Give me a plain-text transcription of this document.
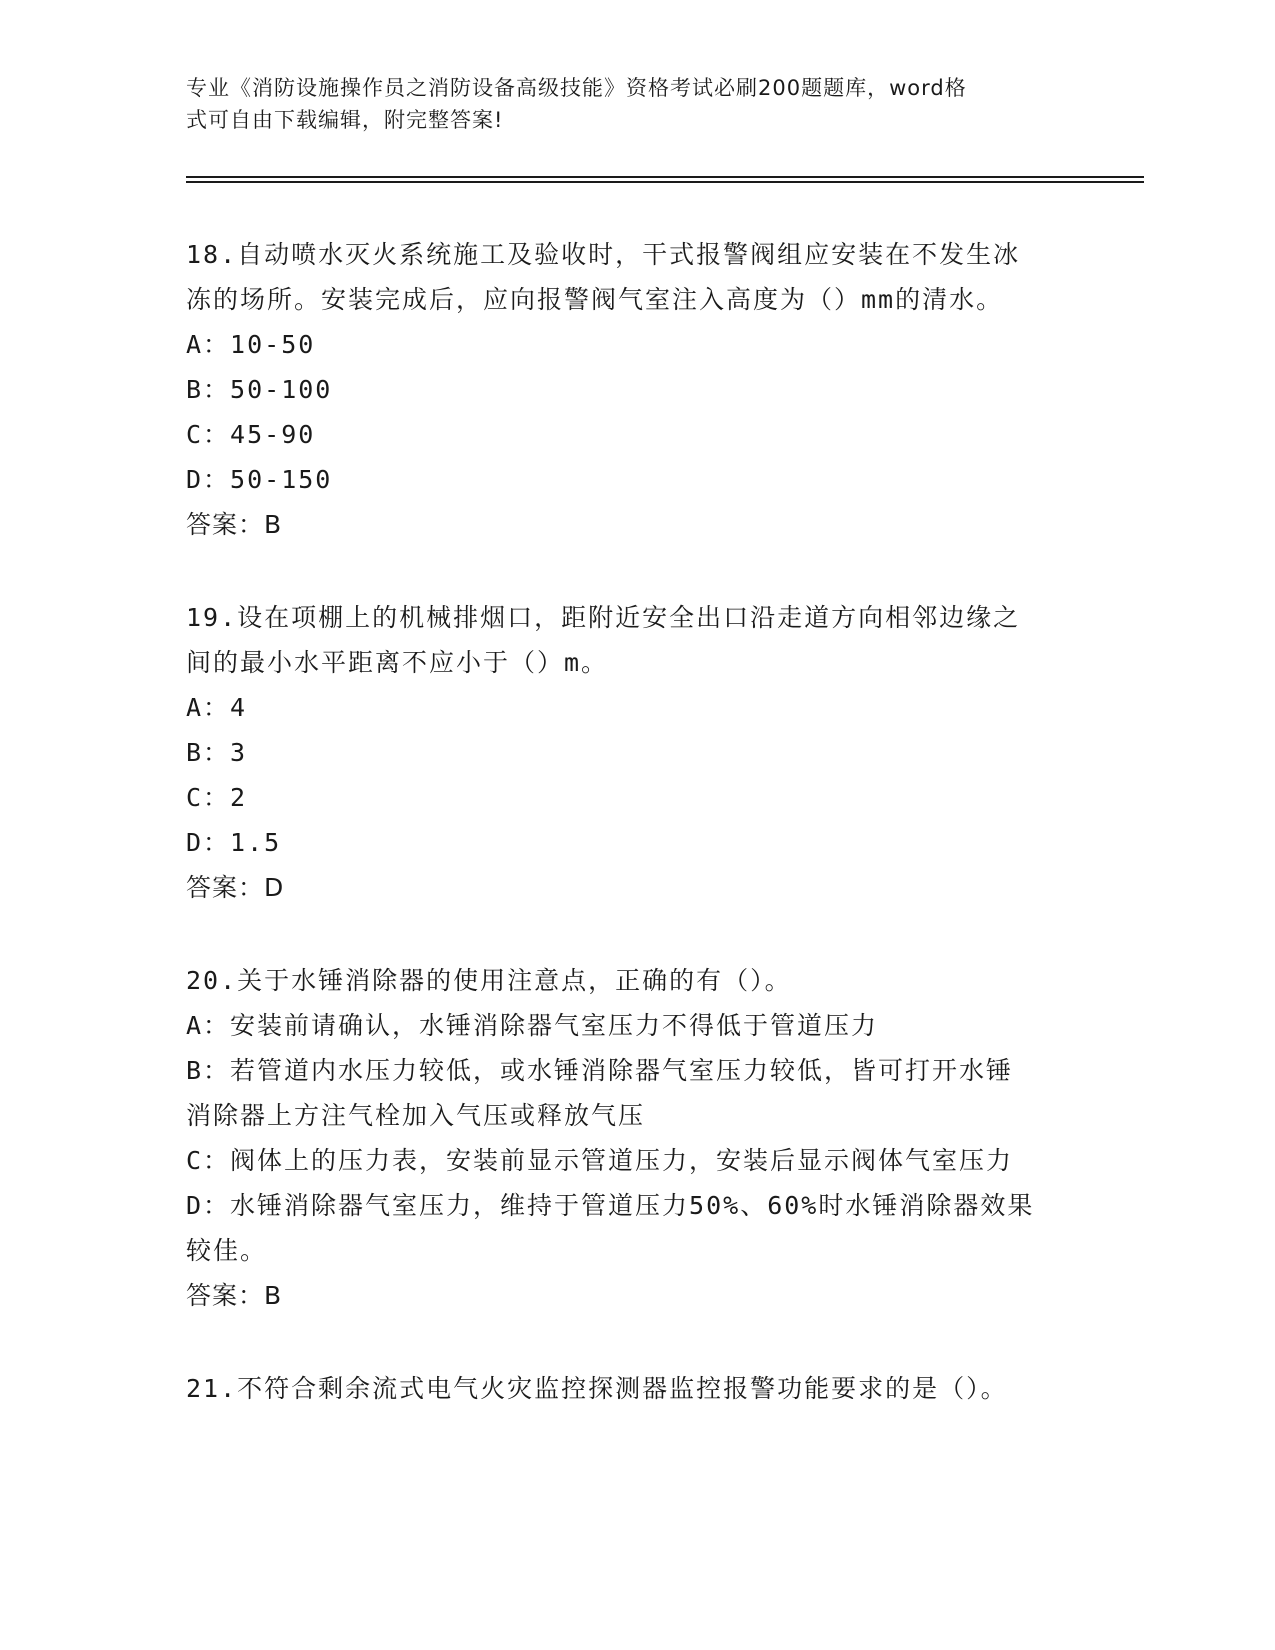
专业《消防设施操作员之消防设备高级技能》资格考试必刷200题题库，word格
式可自由下载编辑，附完整答案!
18.自动喷水灭火系统施工及验收时，干式报警阀组应安装在不发生冰
冻的场所。安装完成后，应向报警阀气室注入高度为（）mm的清水。
A：10-50
B：50-100
C：45-90
D：50-150
答案：B
19.设在项棚上的机械排烟口，距附近安全出口沿走道方向相邻边缘之
间的最小水平距离不应小于（）m。
A：4
B：3
C：2
D：1.5
答案：D
20.关于水锤消除器的使用注意点，正确的有（）。
A：安装前请确认，水锤消除器气室压力不得低于管道压力
B：若管道内水压力较低，或水锤消除器气室压力较低，皆可打开水锤
消除器上方注气栓加入气压或释放气压
C：阀体上的压力表，安装前显示管道压力，安装后显示阀体气室压力
D：水锤消除器气室压力，维持于管道压力50%、60%时水锤消除器效果
较佳。
答案：B
21.不符合剩余流式电气火灾监控探测器监控报警功能要求的是（）。
